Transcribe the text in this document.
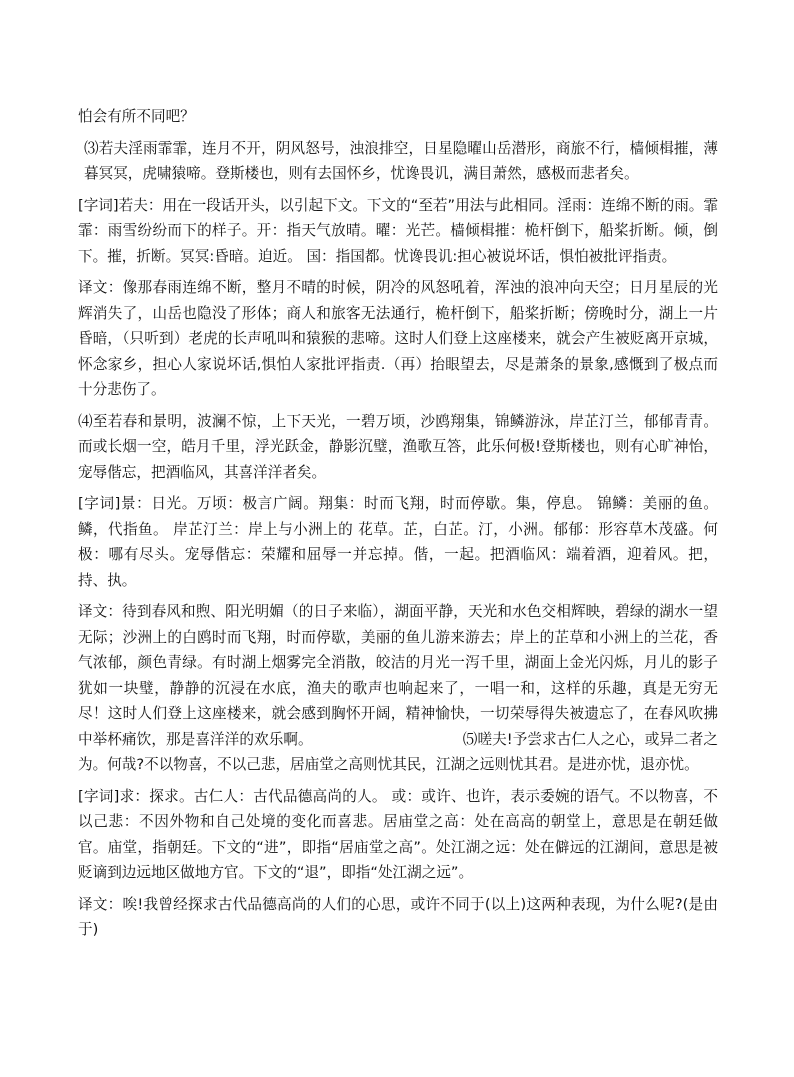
怕会有所不同吧？

⑶若夫淫雨霏霏，连月不开，阴风怒号，浊浪排空，日星隐曜山岳潜形，商旅不行，樯倾楫摧，薄暮冥冥，虎啸猿啼。登斯楼也，则有去国怀乡，忧谗畏讥，满目萧然，感极而悲者矣。

[字词]若夫：用在一段话开头，以引起下文。下文的“至若”用法与此相同。淫雨：连绵不断的雨。霏霏：雨雪纷纷而下的样子。开：指天气放晴。曜：光芒。樯倾楫摧：桅杆倒下，船桨折断。倾，倒下。摧，折断。冥冥:昏暗。迫近。 国：指国都。忧谗畏讥:担心被说坏话，惧怕被批评指责。

译文：像那春雨连绵不断，整月不晴的时候，阴冷的风怒吼着，浑浊的浪冲向天空；日月星辰的光辉消失了，山岳也隐没了形体；商人和旅客无法通行，桅杆倒下，船桨折断；傍晚时分，湖上一片昏暗，（只听到）老虎的长声吼叫和猿猴的悲啼。这时人们登上这座楼来，就会产生被贬离开京城，怀念家乡，担心人家说坏话,惧怕人家批评指责.（再）抬眼望去，尽是萧条的景象,感慨到了极点而十分悲伤了。

⑷至若春和景明，波澜不惊，上下天光，一碧万顷，沙鸥翔集，锦鳞游泳，岸芷汀兰，郁郁青青。而或长烟一空，皓月千里，浮光跃金，静影沉璧，渔歌互答，此乐何极!登斯楼也，则有心旷神怡，宠辱偕忘，把酒临风，其喜洋洋者矣。

[字词]景：日光。万顷：极言广阔。翔集：时而飞翔，时而停歇。集，停息。 锦鳞：美丽的鱼。鳞，代指鱼。 岸芷汀兰：岸上与小洲上的 花草。芷，白芷。汀，小洲。郁郁：形容草木茂盛。何极：哪有尽头。宠辱偕忘：荣耀和屈辱一并忘掉。偕，一起。把酒临风：端着酒，迎着风。把，持、执。

译文：待到春风和煦、阳光明媚（的日子来临），湖面平静，天光和水色交相辉映，碧绿的湖水一望无际；沙洲上的白鸥时而飞翔，时而停歇，美丽的鱼儿游来游去；岸上的芷草和小洲上的兰花，香气浓郁，颜色青绿。有时湖上烟雾完全消散，皎洁的月光一泻千里，湖面上金光闪烁，月儿的影子犹如一块璧，静静的沉浸在水底，渔夫的歌声也响起来了，一唱一和，这样的乐趣，真是无穷无尽！这时人们登上这座楼来，就会感到胸怀开阔，精神愉快，一切荣辱得失被遗忘了，在春风吹拂中举杯痛饮，那是喜洋洋的欢乐啊。	⑸嗟夫!予尝求古仁人之心，或异二者之为。何哉?不以物喜，不以己悲，居庙堂之高则忧其民，江湖之远则忧其君。是进亦忧，退亦忧。

[字词]求：探求。古仁人：古代品德高尚的人。 或：或许、也许，表示委婉的语气。不以物喜，不以己悲：不因外物和自己处境的变化而喜悲。居庙堂之高：处在高高的朝堂上，意思是在朝廷做官。庙堂，指朝廷。下文的“进”，即指“居庙堂之高”。处江湖之远：处在僻远的江湖间，意思是被贬谪到边远地区做地方官。下文的“退”，即指“处江湖之远”。

译文：唉!我曾经探求古代品德高尚的人们的心思，或许不同于(以上)这两种表现，为什么呢?(是由于)
